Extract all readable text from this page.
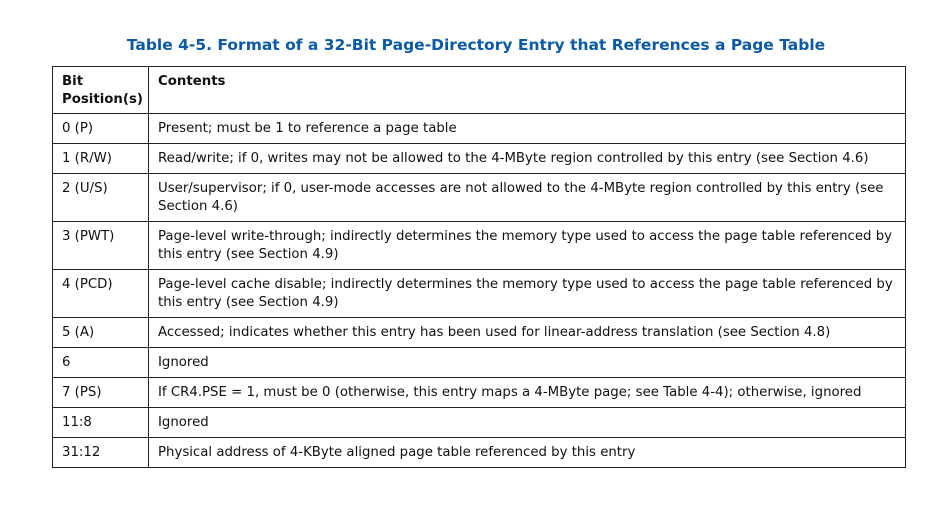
Table 4-5. Format of a 32-Bit Page-Directory Entry that References a Page Table
Bit
Position(s)	Contents
0 (P)	Present; must be 1 to reference a page table
1 (R/W)	Read/write; if 0, writes may not be allowed to the 4-MByte region controlled by this entry (see Section 4.6)
2 (U/S)	User/supervisor; if 0, user-mode accesses are not allowed to the 4-MByte region controlled by this entry (see Section 4.6)
3 (PWT)	Page-level write-through; indirectly determines the memory type used to access the page table referenced by this entry (see Section 4.9)
4 (PCD)	Page-level cache disable; indirectly determines the memory type used to access the page table referenced by this entry (see Section 4.9)
5 (A)	Accessed; indicates whether this entry has been used for linear-address translation (see Section 4.8)
6	Ignored
7 (PS)	If CR4.PSE = 1, must be 0 (otherwise, this entry maps a 4-MByte page; see Table 4-4); otherwise, ignored
11:8	Ignored
31:12	Physical address of 4-KByte aligned page table referenced by this entry
